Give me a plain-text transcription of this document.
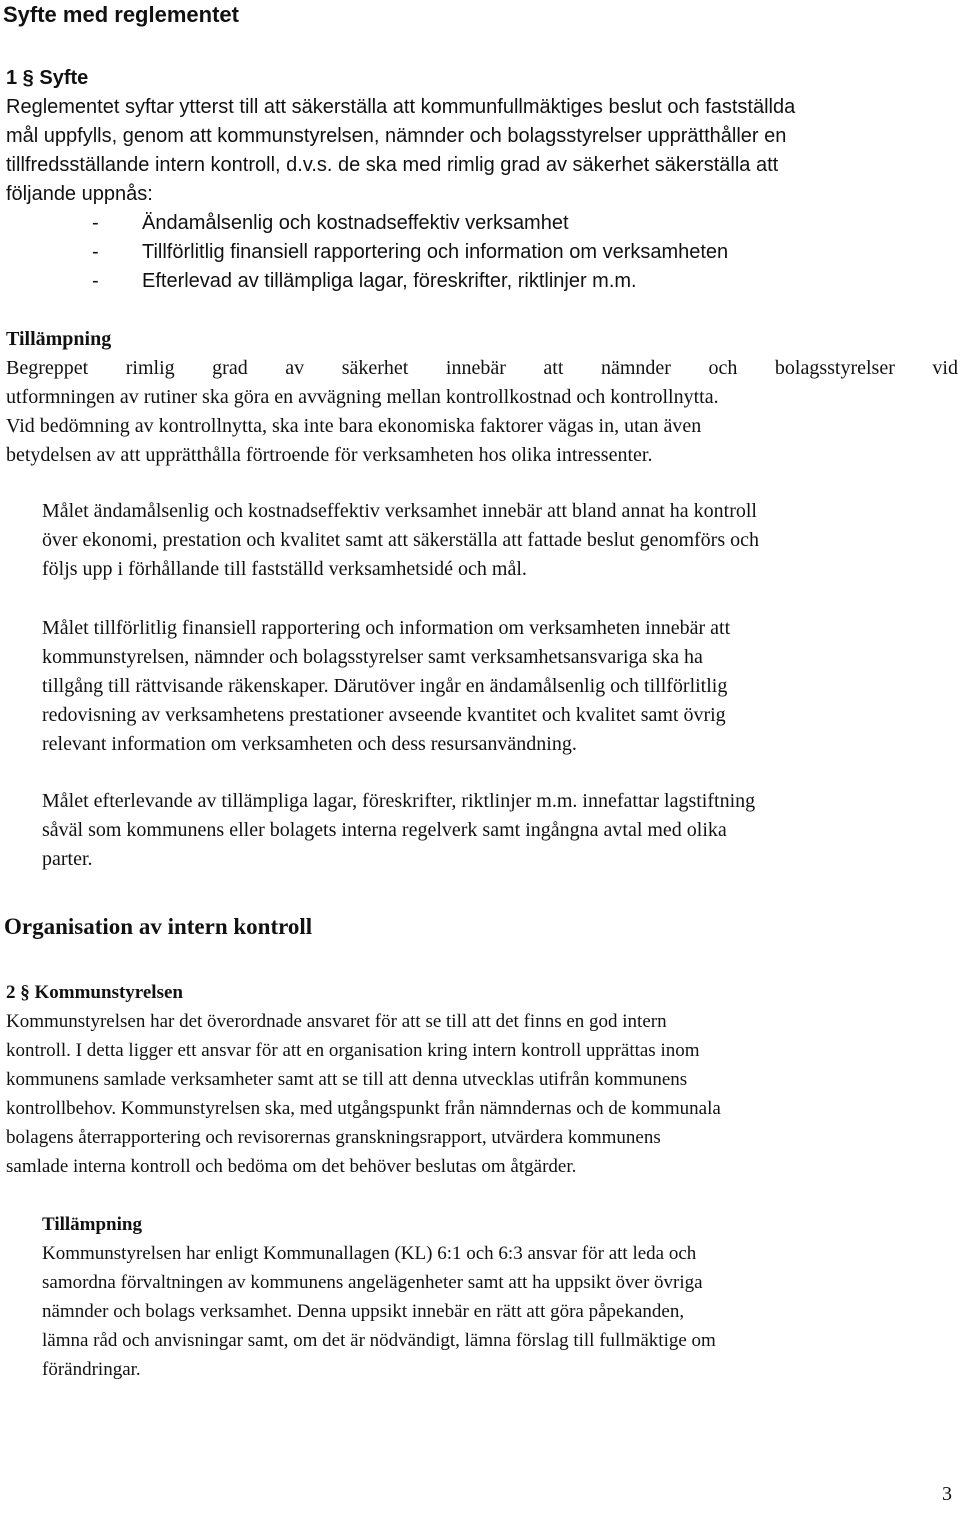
Syfte med reglementet
1 § Syfte
Reglementet syftar ytterst till att säkerställa att kommunfullmäktiges beslut och fastställda
mål uppfylls, genom att kommunstyrelsen, nämnder och bolagsstyrelser upprätthåller en
tillfredsställande intern kontroll, d.v.s. de ska med rimlig grad av säkerhet säkerställa att
följande uppnås:
- Ändamålsenlig och kostnadseffektiv verksamhet
- Tillförlitlig finansiell rapportering och information om verksamheten
- Efterlevad av tillämpliga lagar, föreskrifter, riktlinjer m.m.
Tillämpning
Begreppet rimlig grad av säkerhet innebär att nämnder och bolagsstyrelser vid
utformningen av rutiner ska göra en avvägning mellan kontrollkostnad och kontrollnytta.
Vid bedömning av kontrollnytta, ska inte bara ekonomiska faktorer vägas in, utan även
betydelsen av att upprätthålla förtroende för verksamheten hos olika intressenter.
Målet ändamålsenlig och kostnadseffektiv verksamhet innebär att bland annat ha kontroll
över ekonomi, prestation och kvalitet samt att säkerställa att fattade beslut genomförs och
följs upp i förhållande till fastställd verksamhetsidé och mål.
Målet tillförlitlig finansiell rapportering och information om verksamheten innebär att
kommunstyrelsen, nämnder och bolagsstyrelser samt verksamhetsansvariga ska ha
tillgång till rättvisande räkenskaper. Därutöver ingår en ändamålsenlig och tillförlitlig
redovisning av verksamhetens prestationer avseende kvantitet och kvalitet samt övrig
relevant information om verksamheten och dess resursanvändning.
Målet efterlevande av tillämpliga lagar, föreskrifter, riktlinjer m.m. innefattar lagstiftning
såväl som kommunens eller bolagets interna regelverk samt ingångna avtal med olika
parter.
Organisation av intern kontroll
2 § Kommunstyrelsen
Kommunstyrelsen har det överordnade ansvaret för att se till att det finns en god intern
kontroll. I detta ligger ett ansvar för att en organisation kring intern kontroll upprättas inom
kommunens samlade verksamheter samt att se till att denna utvecklas utifrån kommunens
kontrollbehov. Kommunstyrelsen ska, med utgångspunkt från nämndernas och de kommunala
bolagens återrapportering och revisorernas granskningsrapport, utvärdera kommunens
samlade interna kontroll och bedöma om det behöver beslutas om åtgärder.
Tillämpning
Kommunstyrelsen har enligt Kommunallagen (KL) 6:1 och 6:3 ansvar för att leda och
samordna förvaltningen av kommunens angelägenheter samt att ha uppsikt över övriga
nämnder och bolags verksamhet. Denna uppsikt innebär en rätt att göra påpekanden,
lämna råd och anvisningar samt, om det är nödvändigt, lämna förslag till fullmäktige om
förändringar.
3
